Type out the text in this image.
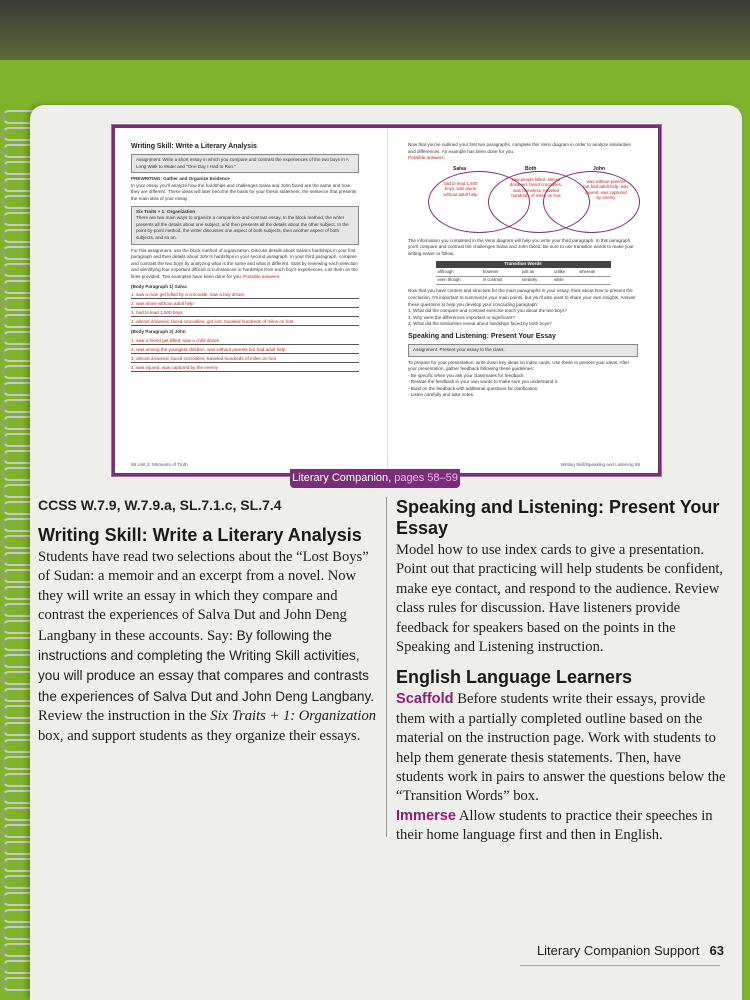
Writing Skill: Write a Literary Analysis
Assignment: Write a short essay in which you compare and contrast the experiences of the two boys in A Long Walk to Water and "One Day I Had to Run."
PREWRITING: Gather and Organize Evidence
In your essay you'll analyze how the hardships and challenges Salva and John faced are the same and how they are different. These ideas will later become the basis for your thesis statement, the sentence that presents the main idea of your essay.
Six Traits + 1: Organization
There are two main ways to organize a comparison-and-contrast essay. In the block method, the writer presents all the details about one subject, and then presents all the details about the other subject. In the point-by-point method, the writer discusses one aspect of both subjects, then another aspect of both subjects, and so on.
For this assignment, use the block method of organization. Discuss details about Salva's hardships in your first paragraph and then details about John's hardships in your second paragraph. In your third paragraph, compare and contrast the two boys by analyzing what is the same and what is different. Start by reviewing each selection and identifying four important difficult circumstances or hardships from each boy's experiences. List them on the lines provided. Two examples have been done for you. Possible answers:
(Body Paragraph 1) Salva
1. saw a man get killed by a crocodile; saw a boy drown
2. was alone without adult help
3. had to lead 1,500 boys
4. almost drowned, faced crocodiles, got lost, traveled hundreds of miles on foot
(Body Paragraph 2) John
1. saw a friend get killed; saw a child drown
2. was among the youngest children, was without parents but had adult help
3. almost drowned, faced crocodiles, traveled hundreds of miles on foot
4. was injured, was captured by the enemy
58 Unit 2: Moments of Truth
Now that you've outlined your first two paragraphs, complete this Venn diagram in order to analyze similarities and differences. An example has been done for you.
Possible answers:
Salva	Both	John
had to lead 1,500 boys, was alone without adult help
saw people killed, almost drowned, faced crocodiles, was homeless, traveled hundreds of miles on foot
was without parents but had adult help, was injured, was captured by enemy
The information you completed in the Venn diagram will help you write your third paragraph. In this paragraph, you'll compare and contrast the challenges Salva and John faced. Be sure to use transition words to make your writing easier to follow.
Transition Words				
although	however	just as	unlike	whereas
even though	in contrast	similarly	while	
Now that you have content and structure for the main paragraphs in your essay, think about how to present the conclusion. It's important to summarize your main points, but you'll also want to share your own insights. Answer these questions to help you develop your concluding paragraph:
1. What did the compare-and-contrast exercise teach you about the two boys?
2. Why were the differences important or significant?
3. What did the similarities reveal about hardships faced by both boys?
Speaking and Listening: Present Your Essay
Assignment: Present your essay to the class.
To prepare for your presentation, write down key ideas on index cards. Use these to present your ideas. After your presentation, gather feedback following these guidelines:
- Be specific when you ask your classmates for feedback.
- Restate the feedback in your own words to make sure you understand it.
- Build on the feedback with additional questions for clarification.
- Listen carefully and take notes.
Writing Skill/Speaking and Listening 59
Literary Companion, pages 58–59
CCSS W.7.9, W.7.9.a, SL.7.1.c, SL.7.4
Writing Skill: Write a Literary Analysis

Students have read two selections about the “Lost Boys” of Sudan: a memoir and an excerpt from a novel. Now they will write an essay in which they compare and contrast the experiences of Salva Dut and John Deng Langbany in these accounts. Say: By following the instructions and completing the Writing Skill activities, you will produce an essay that compares and contrasts the experiences of Salva Dut and John Deng Langbany. Review the instruction in the Six Traits + 1: Organization box, and support students as they organize their essays.

Speaking and Listening: Present Your Essay

Model how to use index cards to give a presentation. Point out that practicing will help students be confident, make eye contact, and respond to the audience. Review class rules for discussion. Have listeners provide feedback for speakers based on the points in the Speaking and Listening instruction.

English Language Learners

Scaffold Before students write their essays, provide them with a partially completed outline based on the material on the instruction page. Work with students to help them generate thesis statements. Then, have students work in pairs to answer the questions below the “Transition Words” box.

Immerse Allow students to practice their speeches in their home language first and then in English.

Literary Companion Support 63
